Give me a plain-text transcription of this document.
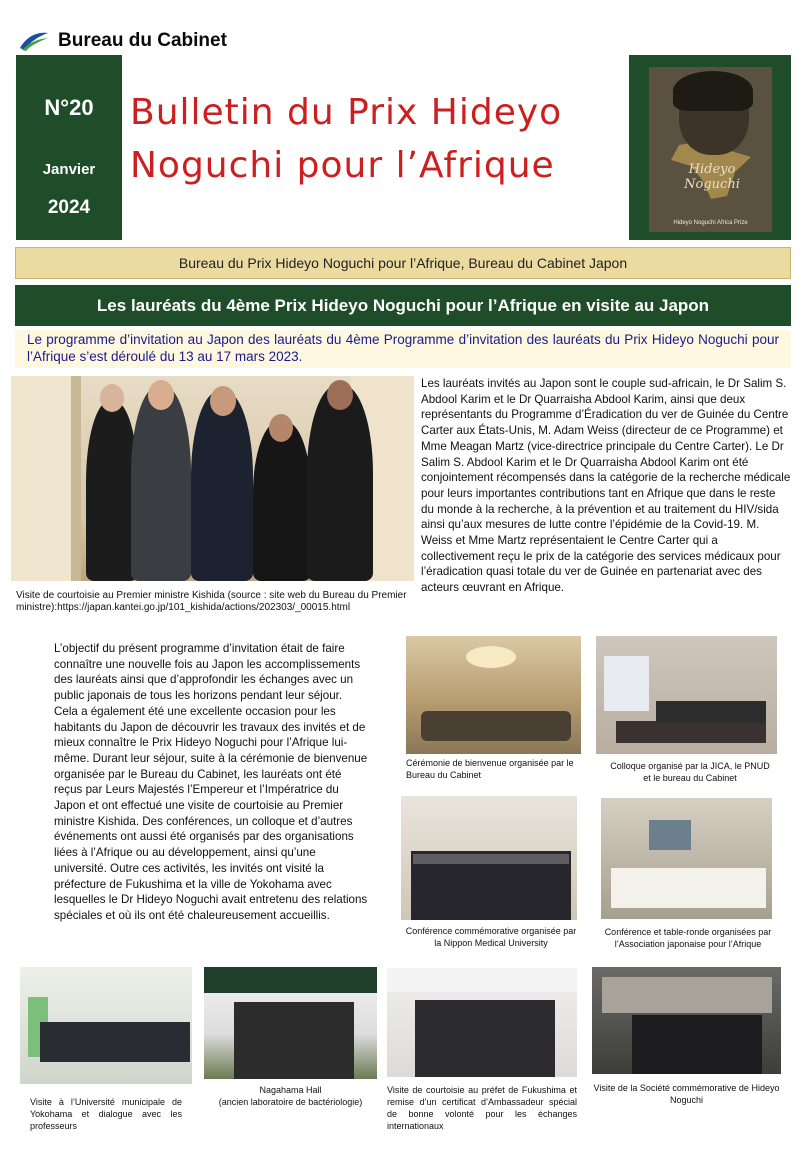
Bureau du Cabinet
N°20
Janvier
2024
Bulletin du Prix Hideyo
Noguchi pour l’Afrique	Hideyo Noguchi
Hideyo Noguchi Africa Prize
Bureau du Prix Hideyo Noguchi pour l’Afrique, Bureau du Cabinet Japon
Les lauréats du 4ème Prix Hideyo Noguchi pour l’Afrique en visite au Japon
Le programme d’invitation au Japon des lauréats du 4ème Programme d’invitation des lauréats du Prix Hideyo Noguchi pour l’Afrique s’est déroulé du 13 au 17 mars 2023.
Visite de courtoisie au Premier ministre Kishida (source : site web du Bureau du Premier ministre):https://japan.kantei.go.jp/101_kishida/actions/202303/_00015.html
Les lauréats invités au Japon sont le couple sud-africain, le Dr Salim S. Abdool Karim et le Dr Quarraisha Abdool Karim, ainsi que deux représentants du Programme d’Éradication du ver de Guinée du Centre Carter aux États-Unis, M. Adam Weiss (directeur de ce Programme) et Mme Meagan Martz (vice-directrice principale du Centre Carter). Le Dr Salim S. Abdool Karim et le Dr Quarraisha Abdool Karim ont été conjointement récompensés dans la catégorie de la recherche médicale pour leurs importantes contributions tant en Afrique que dans le reste du monde à la recherche, à la prévention et au traitement du HIV/sida ainsi qu’aux mesures de lutte contre l’épidémie de la Covid-19. M. Weiss et Mme Martz représentaient le Centre Carter qui a collectivement reçu le prix de la catégorie des services médicaux pour l’éradication quasi totale du ver de Guinée en partenariat avec des acteurs œuvrant en Afrique.
L’objectif du présent programme d’invitation était de faire connaître une nouvelle fois au Japon les accomplissements des lauréats ainsi que d’approfondir les échanges avec un public japonais de tous les horizons pendant leur séjour. Cela a également été une excellente occasion pour les habitants du Japon de découvrir les travaux des invités et de mieux connaître le Prix Hideyo Noguchi pour l’Afrique lui-même. Durant leur séjour, suite à la cérémonie de bienvenue organisée par le Bureau du Cabinet, les lauréats ont été reçus par Leurs Majestés l’Empereur et l’Impératrice du Japon et ont effectué une visite de courtoisie au Premier ministre Kishida. Des conférences, un colloque et d’autres événements ont aussi été organisés par des organisations liées à l’Afrique ou au développement, ainsi qu’une université. Outre ces activités, les invités ont visité la préfecture de Fukushima et la ville de Yokohama avec lesquelles le Dr Hideyo Noguchi avait entretenu des relations spéciales et où ils ont été chaleureusement accueillis.
Cérémonie de bienvenue organisée par le Bureau du Cabinet
Colloque organisé par la JICA, le PNUD et le bureau du Cabinet
Conférence commémorative organisée par la Nippon Medical University
Conférence et table-ronde organisées par l’Association japonaise pour l’Afrique
Visite à l’Université municipale de Yokohama et dialogue avec les professeurs
Nagahama Hall
(ancien laboratoire de bactériologie)
Visite de courtoisie au préfet de Fukushima et remise d’un certificat d’Ambassadeur spécial de bonne volonté pour les échanges internationaux
Visite de la Société commémorative de Hideyo Noguchi
